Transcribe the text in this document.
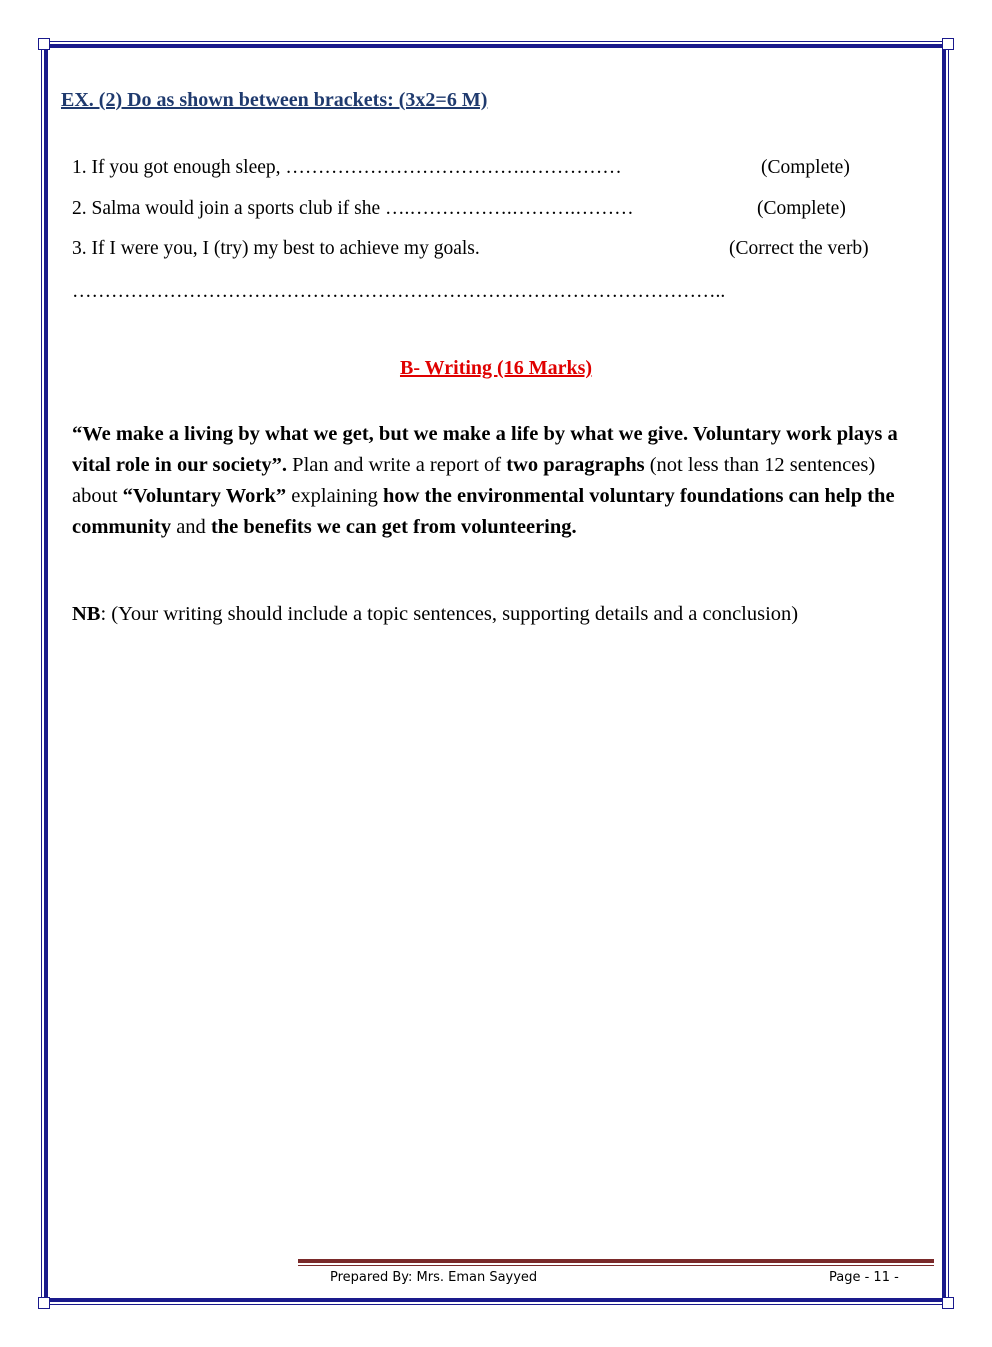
EX. (2) Do as shown between brackets: (3x2=6 M)
1. If you got enough sleep, ……………………………….……………	(Complete)
2. Salma would join a sports club if she ….…………….……….………	(Complete)
3. If I were you, I (try) my best to achieve my goals.	(Correct the verb)
………………………………………………………………………………………..
B- Writing (16 Marks)
“We make a living by what we get, but we make a life by what we give. Voluntary work plays a vital role in our society”. Plan and write a report of two paragraphs (not less than 12 sentences) about “Voluntary Work” explaining how the environmental voluntary foundations can help the community and the benefits we can get from volunteering.
NB: (Your writing should include a topic sentences, supporting details and a conclusion)
Prepared By: Mrs. Eman Sayyed	Page - 11 -
